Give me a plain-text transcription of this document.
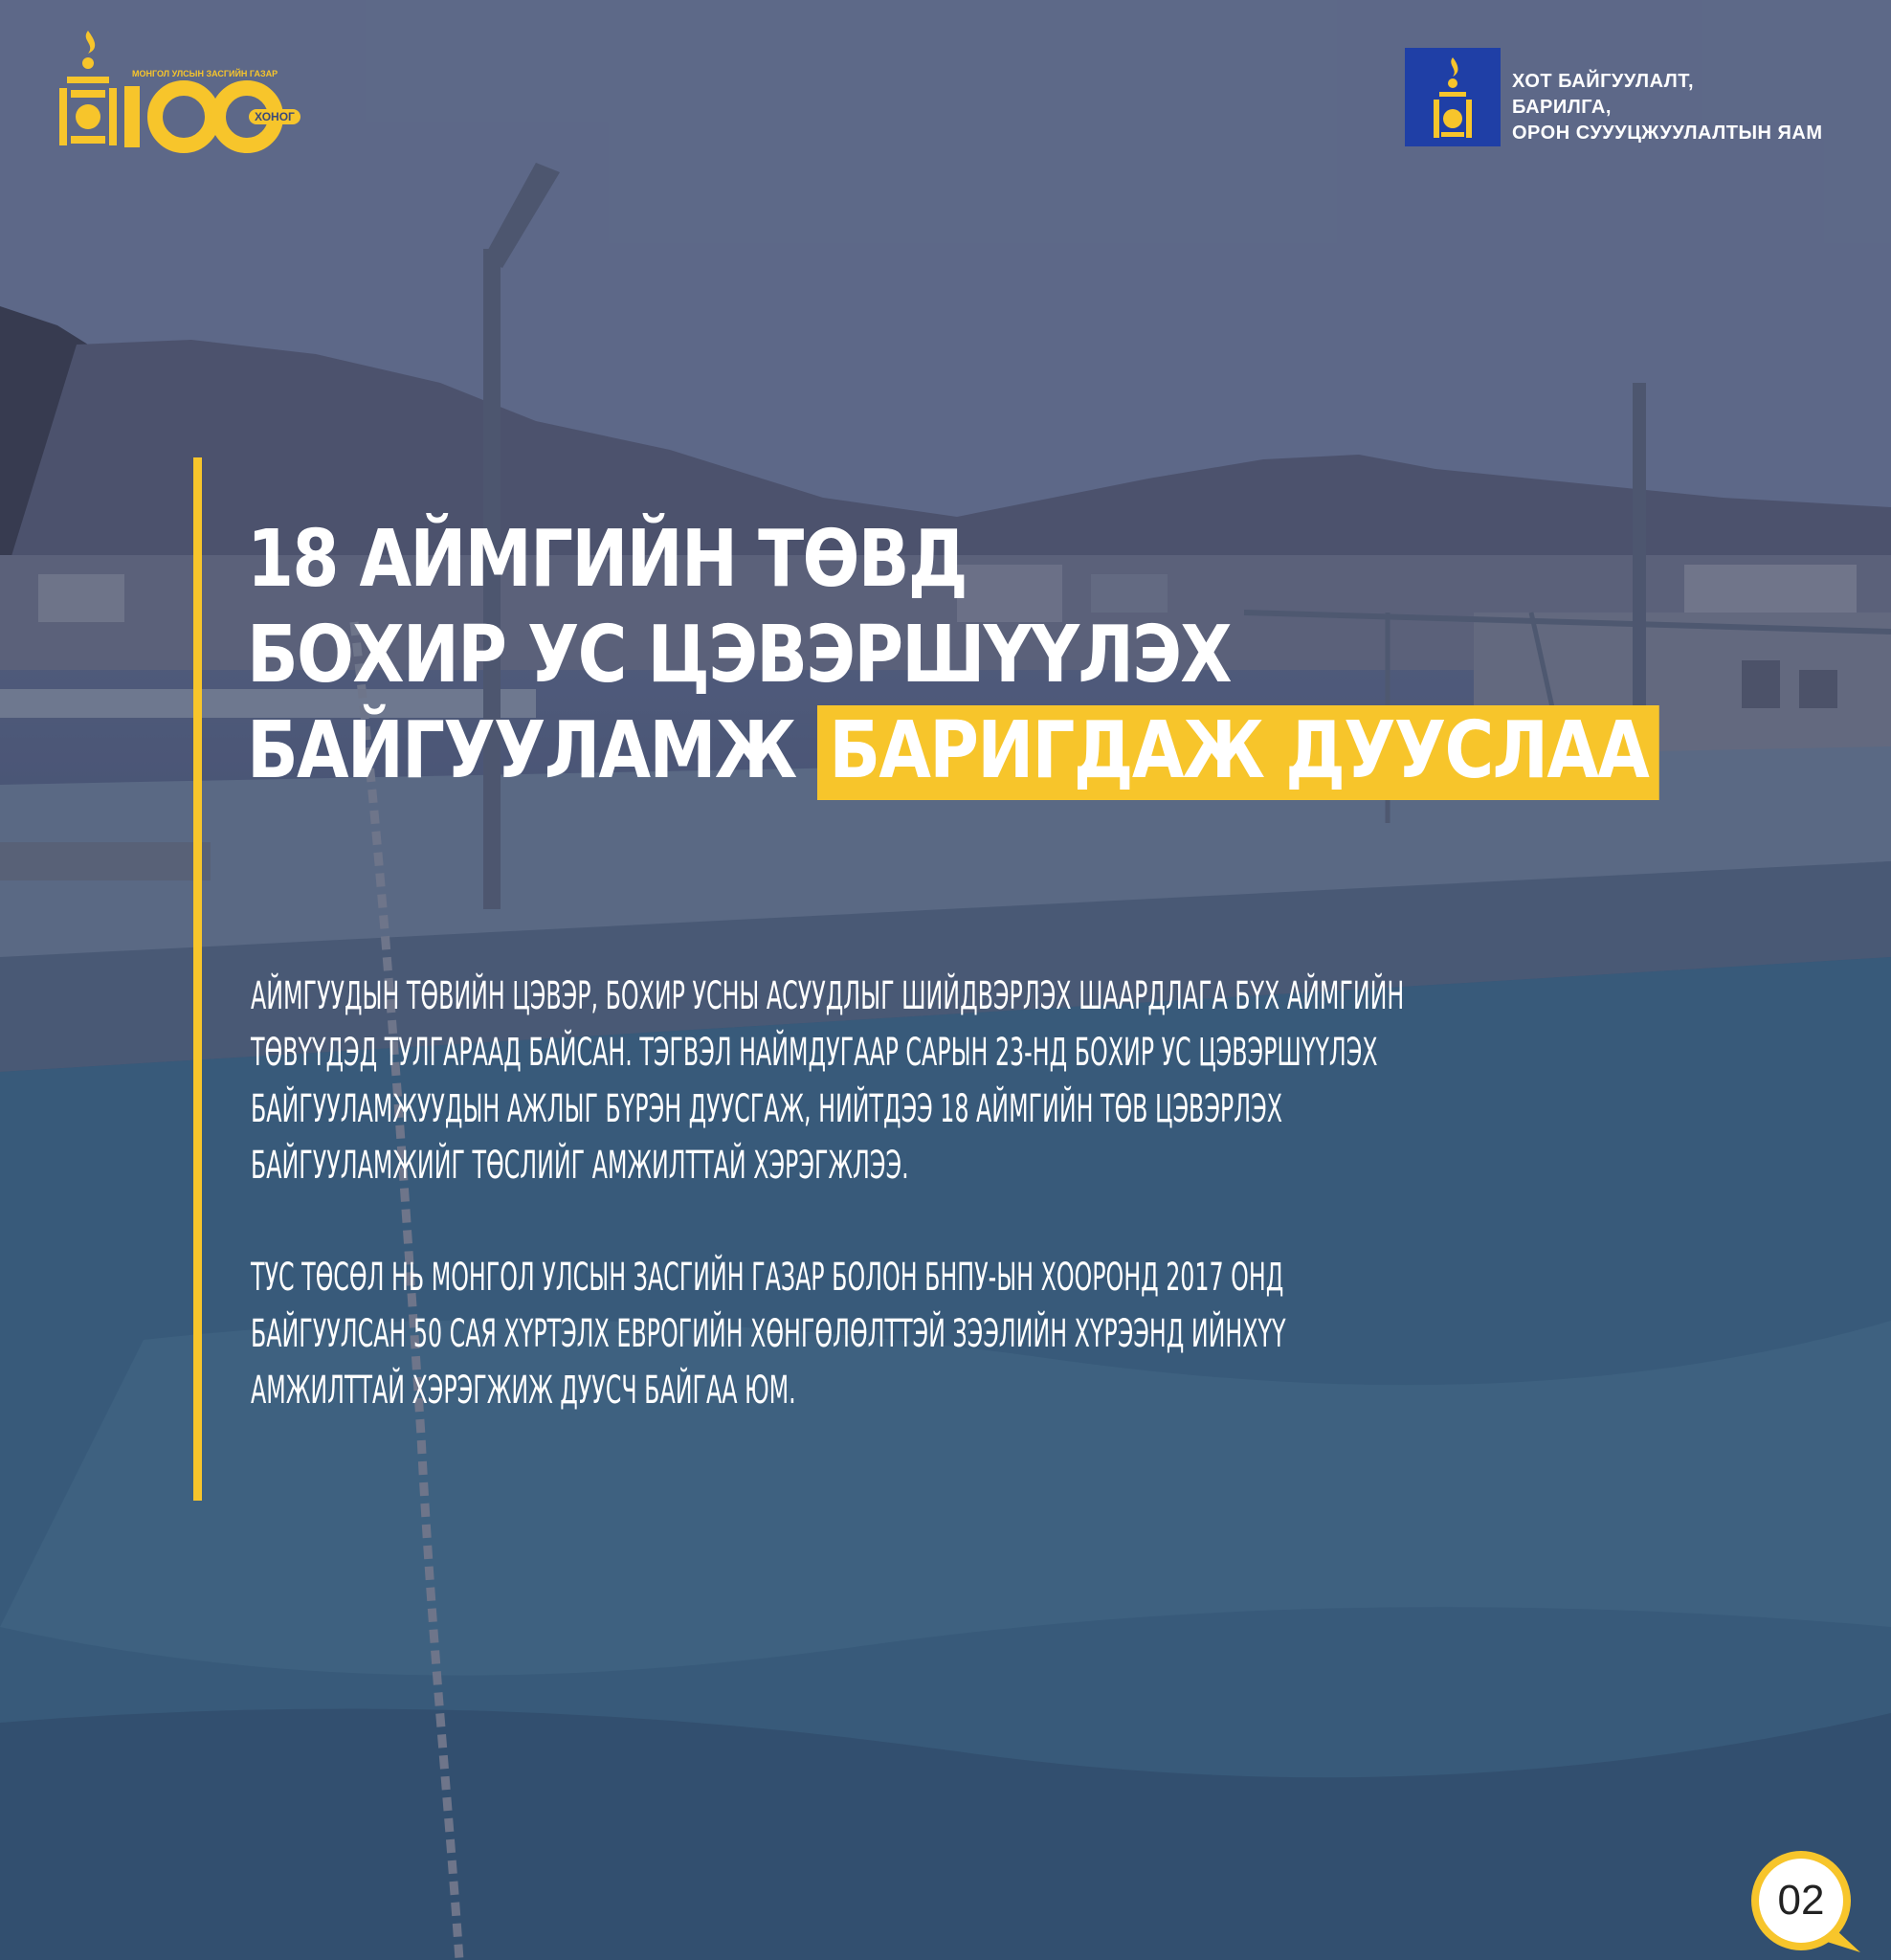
МОНГОЛ УЛСЫН ЗАСГИЙН ГАЗАР
ХОНОГ
ХОТ БАЙГУУЛАЛТ,
БАРИЛГА,
ОРОН СУУУЦЖУУЛАЛТЫН ЯАМ
18 АЙМГИЙН ТӨВД
БОХИР УС ЦЭВЭРШҮҮЛЭХ
БАЙГУУЛАМЖ БАРИГДАЖ ДУУСЛАА
АЙМГУУДЫН ТӨВИЙН ЦЭВЭР, БОХИР УСНЫ АСУУДЛЫГ ШИЙДВЭРЛЭХ ШААРДЛАГА БҮХ АЙМГИЙН ТӨВҮҮДЭД ТУЛГАРААД БАЙСАН. ТЭГВЭЛ НАЙМДУГААР САРЫН 23-НД БОХИР УС ЦЭВЭРШҮҮЛЭХ БАЙГУУЛАМЖУУДЫН АЖЛЫГ БҮРЭН ДУУСГАЖ, НИЙТДЭЭ 18 АЙМГИЙН ТӨВ ЦЭВЭРЛЭХ БАЙГУУЛАМЖИЙГ ТӨСЛИЙГ АМЖИЛТТАЙ ХЭРЭГЖЛЭЭ.
ТУС ТӨСӨЛ НЬ МОНГОЛ УЛСЫН ЗАСГИЙН ГАЗАР БОЛОН БНПУ-ЫН ХООРОНД 2017 ОНД БАЙГУУЛСАН 50 САЯ ХҮРТЭЛХ ЕВРОГИЙН ХӨНГӨЛӨЛТТЭЙ ЗЭЭЛИЙН ХҮРЭЭНД ИЙНХҮҮ АМЖИЛТТАЙ ХЭРЭГЖИЖ ДУУСЧ БАЙГАА ЮМ.
02
